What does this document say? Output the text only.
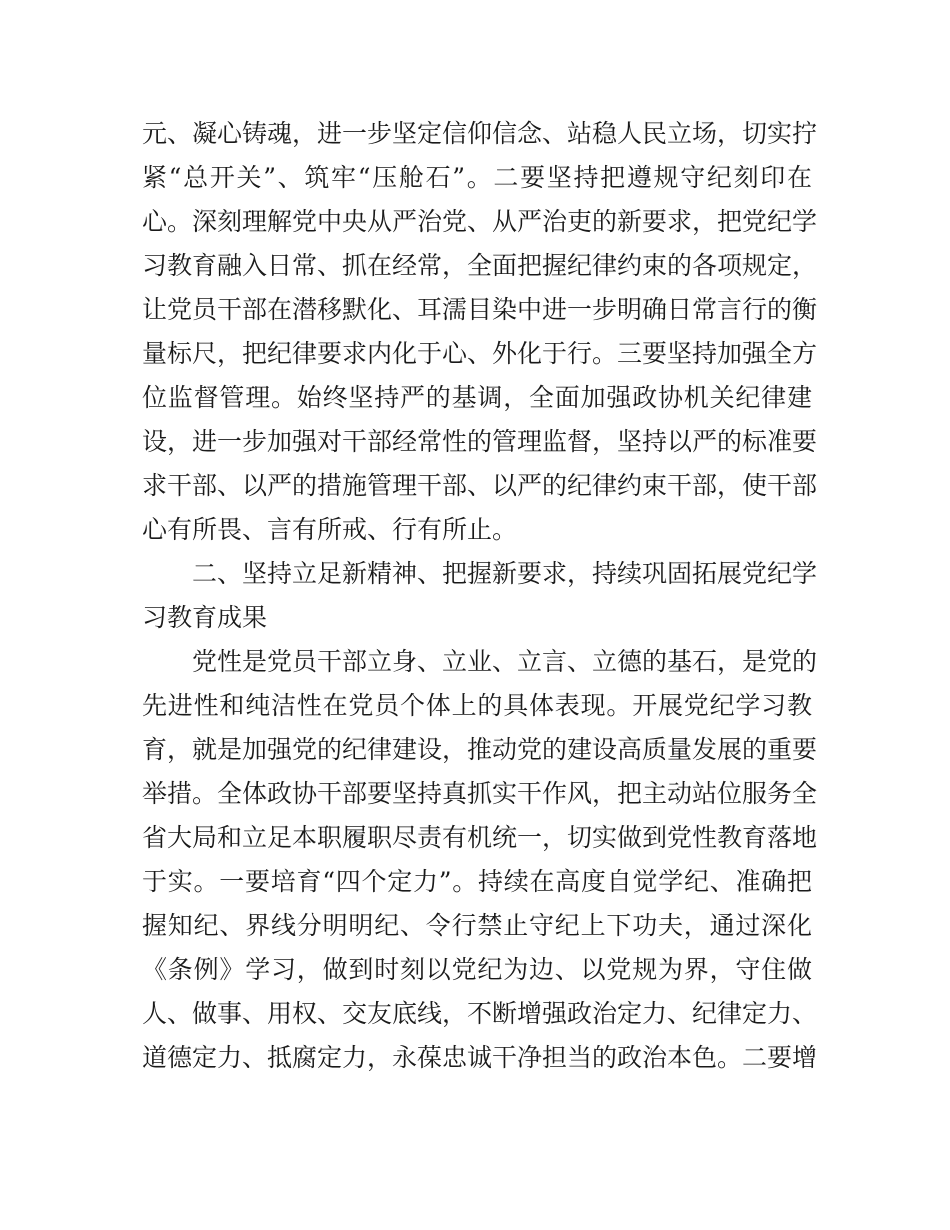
元、凝心铸魂，进一步坚定信仰信念、站稳人民立场，切实拧

紧“总开关”、筑牢“压舱石”。二要坚持把遵规守纪刻印在

心。深刻理解党中央从严治党、从严治吏的新要求，把党纪学

习教育融入日常、抓在经常，全面把握纪律约束的各项规定，

让党员干部在潜移默化、耳濡目染中进一步明确日常言行的衡

量标尺，把纪律要求内化于心、外化于行。三要坚持加强全方

位监督管理。始终坚持严的基调，全面加强政协机关纪律建

设，进一步加强对干部经常性的管理监督，坚持以严的标准要

求干部、以严的措施管理干部、以严的纪律约束干部，使干部

心有所畏、言有所戒、行有所止。

二、坚持立足新精神、把握新要求，持续巩固拓展党纪学

习教育成果

党性是党员干部立身、立业、立言、立德的基石，是党的

先进性和纯洁性在党员个体上的具体表现。开展党纪学习教

育，就是加强党的纪律建设，推动党的建设高质量发展的重要

举措。全体政协干部要坚持真抓实干作风，把主动站位服务全

省大局和立足本职履职尽责有机统一，切实做到党性教育落地

于实。一要培育“四个定力”。持续在高度自觉学纪、准确把

握知纪、界线分明明纪、令行禁止守纪上下功夫，通过深化

《条例》学习，做到时刻以党纪为边、以党规为界，守住做

人、做事、用权、交友底线，不断增强政治定力、纪律定力、

道德定力、抵腐定力，永葆忠诚干净担当的政治本色。二要增
